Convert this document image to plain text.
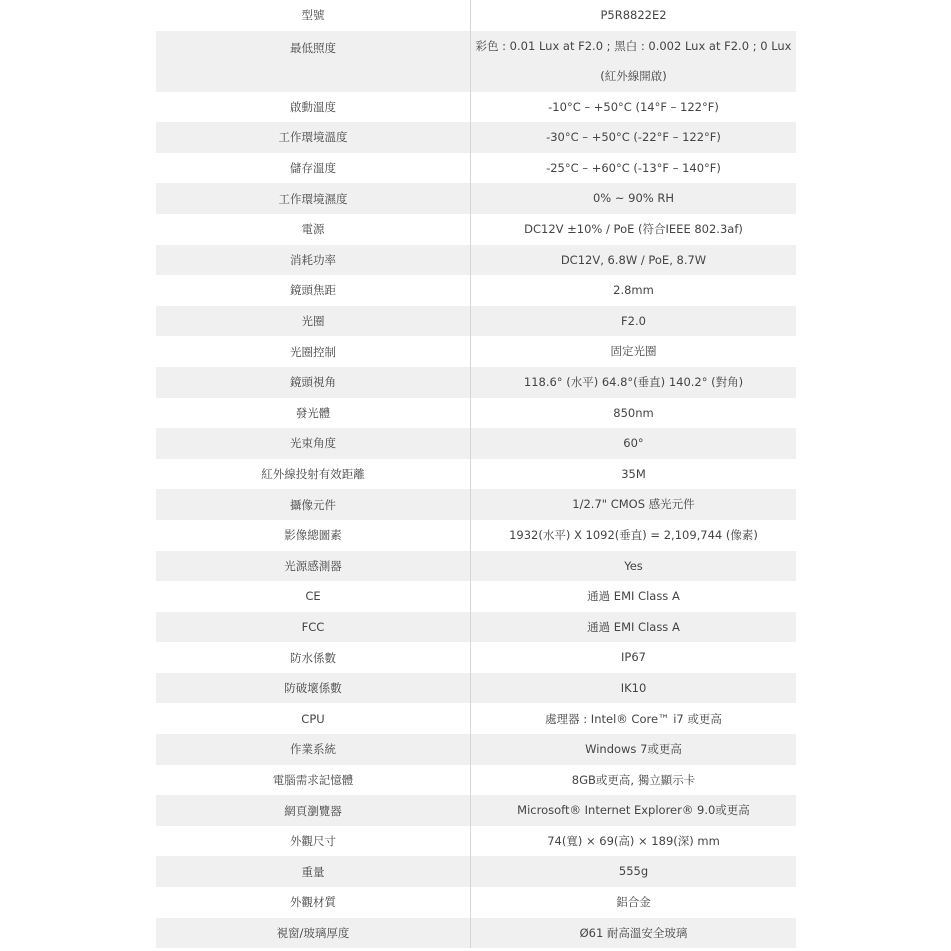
型號	P5R8822E2
最低照度	彩色 : 0.01 Lux at F2.0 ; 黑白 : 0.002 Lux at F2.0 ; 0 Lux (紅外線開啟)
啟動溫度	-10°C – +50°C (14°F – 122°F)
工作環境溫度	-30°C – +50°C (-22°F – 122°F)
儲存溫度	-25°C – +60°C (-13°F – 140°F)
工作環境濕度	0% ~ 90% RH
電源	DC12V ±10% / PoE (符合IEEE 802.3af)
消耗功率	DC12V, 6.8W / PoE, 8.7W
鏡頭焦距	2.8mm
光圈	F2.0
光圈控制	固定光圈
鏡頭視角	118.6° (水平) 64.8°(垂直) 140.2° (對角)
發光體	850nm
光束角度	60°
紅外線投射有效距離	35M
攝像元件	1/2.7" CMOS 感光元件
影像總圖素	1932(水平) X 1092(垂直) = 2,109,744 (像素)
光源感測器	Yes
CE	通過 EMI Class A
FCC	通過 EMI Class A
防水係數	IP67
防破壞係數	IK10
CPU	處理器 : Intel® Core™ i7 或更高
作業系統	Windows 7或更高
電腦需求記憶體	8GB或更高, 獨立顯示卡
網頁瀏覽器	Microsoft® Internet Explorer® 9.0或更高
外觀尺寸	74(寬) × 69(高) × 189(深) mm
重量	555g
外觀材質	鋁合金
視窗/玻璃厚度	Ø61 耐高溫安全玻璃
